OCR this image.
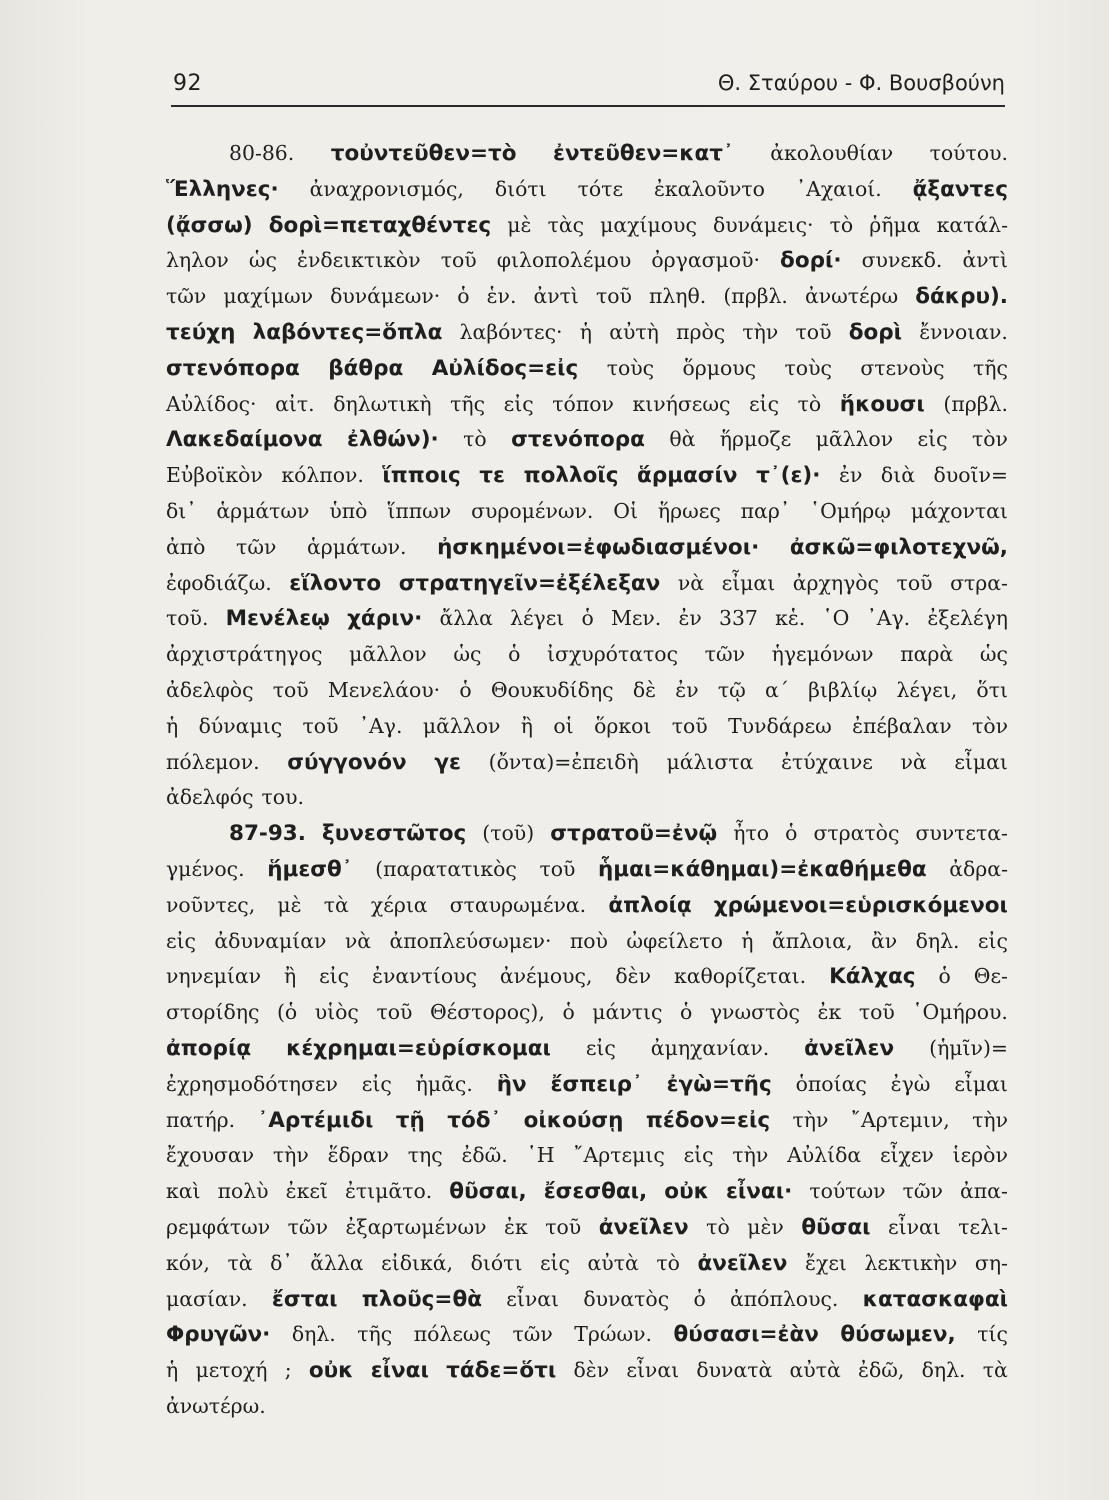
92	Θ. Σταύρου - Φ. Βουσβούνη
80-86. τοὐντεῦθεν=τὸ ἐντεῦθεν=κατ᾽ ἀκολουθίαν τούτου.
Ἕλληνες· ἀναχρονισμός, διότι τότε ἐκαλοῦντο ᾽Αχαιοί. ᾄξαντες
(ᾄσσω) δορὶ=πεταχθέντες μὲ τὰς μαχίμους δυνάμεις· τὸ ῥῆμα κατάλ-
ληλον ὡς ἐνδεικτικὸν τοῦ φιλοπολέμου ὀργασμοῦ· δορί· συνεκδ. ἀντὶ
τῶν μαχίμων δυνάμεων· ὁ ἑν. ἀντὶ τοῦ πληθ. (πρβλ. ἀνωτέρω δάκρυ).
τεύχη λαβόντες=ὅπλα λαβόντες· ἡ αὐτὴ πρὸς τὴν τοῦ δορὶ ἔννοιαν.
στενόπορα βάθρα Αὐλίδος=εἰς τοὺς ὅρμους τοὺς στενοὺς τῆς
Αὐλίδος· αἰτ. δηλωτικὴ τῆς εἰς τόπον κινήσεως εἰς τὸ ἥκουσι (πρβλ.
Λακεδαίμονα ἐλθών)· τὸ στενόπορα θὰ ἥρμοζε μᾶλλον εἰς τὸν
Εὐβοϊκὸν κόλπον. ἵπποις τε πολλοῖς ἅρμασίν τ᾽(ε)· ἐν διὰ δυοῖν=
δι᾽ ἁρμάτων ὑπὸ ἵππων συρομένων. Οἱ ἥρωες παρ᾽ ῾Ομήρῳ μάχονται
ἀπὸ τῶν ἁρμάτων. ἠσκημένοι=ἐφωδιασμένοι· ἀσκῶ=φιλοτεχνῶ,
ἐφοδιάζω. εἵλοντο στρατηγεῖν=ἐξέλεξαν νὰ εἶμαι ἀρχηγὸς τοῦ στρα-
τοῦ. Μενέλεῳ χάριν· ἄλλα λέγει ὁ Μεν. ἐν 337 κἑ. ῾Ο ᾽Αγ. ἐξελέγη
ἀρχιστράτηγος μᾶλλον ὡς ὁ ἰσχυρότατος τῶν ἡγεμόνων παρὰ ὡς
ἀδελφὸς τοῦ Μενελάου· ὁ Θουκυδίδης δὲ ἐν τῷ α΄ βιβλίῳ λέγει, ὅτι
ἡ δύναμις τοῦ ᾽Αγ. μᾶλλον ἢ οἱ ὅρκοι τοῦ Τυνδάρεω ἐπέβαλαν τὸν
πόλεμον. σύγγονόν γε (ὄντα)=ἐπειδὴ μάλιστα ἐτύχαινε νὰ εἶμαι
ἀδελφός του.
87-93. ξυνεστῶτος (τοῦ) στρατοῦ=ἐνῷ ἦτο ὁ στρατὸς συντετα-
γμένος. ἥμεσθ᾽ (παρατατικὸς τοῦ ἧμαι=κάθημαι)=ἐκαθήμεθα ἀδρα-
νοῦντες, μὲ τὰ χέρια σταυρωμένα. ἀπλοίᾳ χρώμενοι=εὑρισκόμενοι
εἰς ἀδυναμίαν νὰ ἀποπλεύσωμεν· ποὺ ὠφείλετο ἡ ἄπλοια, ἂν δηλ. εἰς
νηνεμίαν ἢ εἰς ἐναντίους ἀνέμους, δὲν καθορίζεται. Κάλχας ὁ Θε-
στορίδης (ὁ υἱὸς τοῦ Θέστορος), ὁ μάντις ὁ γνωστὸς ἐκ τοῦ ῾Ομήρου.
ἀπορίᾳ κέχρημαι=εὑρίσκομαι εἰς ἀμηχανίαν. ἀνεῖλεν (ἡμῖν)=
ἐχρησμοδότησεν εἰς ἡμᾶς. ἣν ἔσπειρ᾽ ἐγὼ=τῆς ὁποίας ἐγὼ εἶμαι
πατήρ. ᾽Αρτέμιδι τῇ τόδ᾽ οἰκούσῃ πέδον=εἰς τὴν ῎Αρτεμιν, τὴν
ἔχουσαν τὴν ἕδραν της ἐδῶ. ῾Η ῎Αρτεμις εἰς τὴν Αὐλίδα εἶχεν ἱερὸν
καὶ πολὺ ἐκεῖ ἐτιμᾶτο. θῦσαι, ἔσεσθαι, οὐκ εἶναι· τούτων τῶν ἀπα-
ρεμφάτων τῶν ἐξαρτωμένων ἐκ τοῦ ἀνεῖλεν τὸ μὲν θῦσαι εἶναι τελι-
κόν, τὰ δ᾽ ἄλλα εἰδικά, διότι εἰς αὐτὰ τὸ ἀνεῖλεν ἔχει λεκτικὴν ση-
μασίαν. ἔσται πλοῦς=θὰ εἶναι δυνατὸς ὁ ἀπόπλους. κατασκαφαὶ
Φρυγῶν· δηλ. τῆς πόλεως τῶν Τρώων. θύσασι=ἐὰν θύσωμεν, τίς
ἡ μετοχή ; οὐκ εἶναι τάδε=ὅτι δὲν εἶναι δυνατὰ αὐτὰ ἐδῶ, δηλ. τὰ
ἀνωτέρω.
